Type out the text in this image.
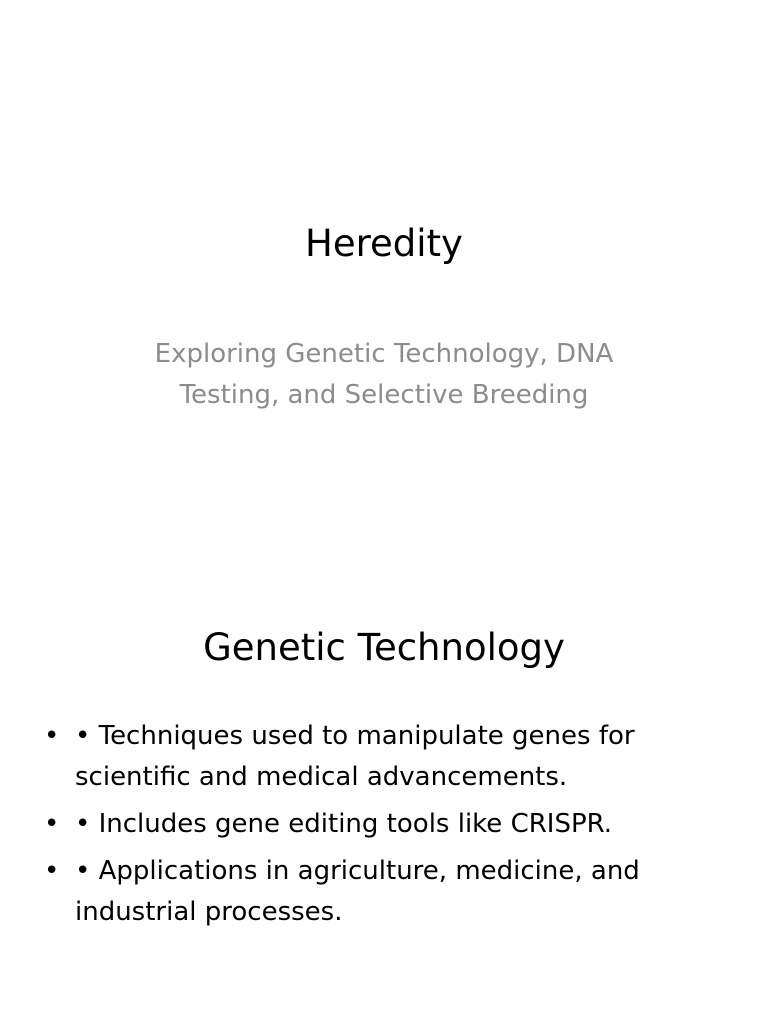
Heredity
Exploring Genetic Technology, DNA Testing, and Selective Breeding
Genetic Technology
• • Techniques used to manipulate genes for scientific and medical advancements.
• • Includes gene editing tools like CRISPR.
• • Applications in agriculture, medicine, and industrial processes.
